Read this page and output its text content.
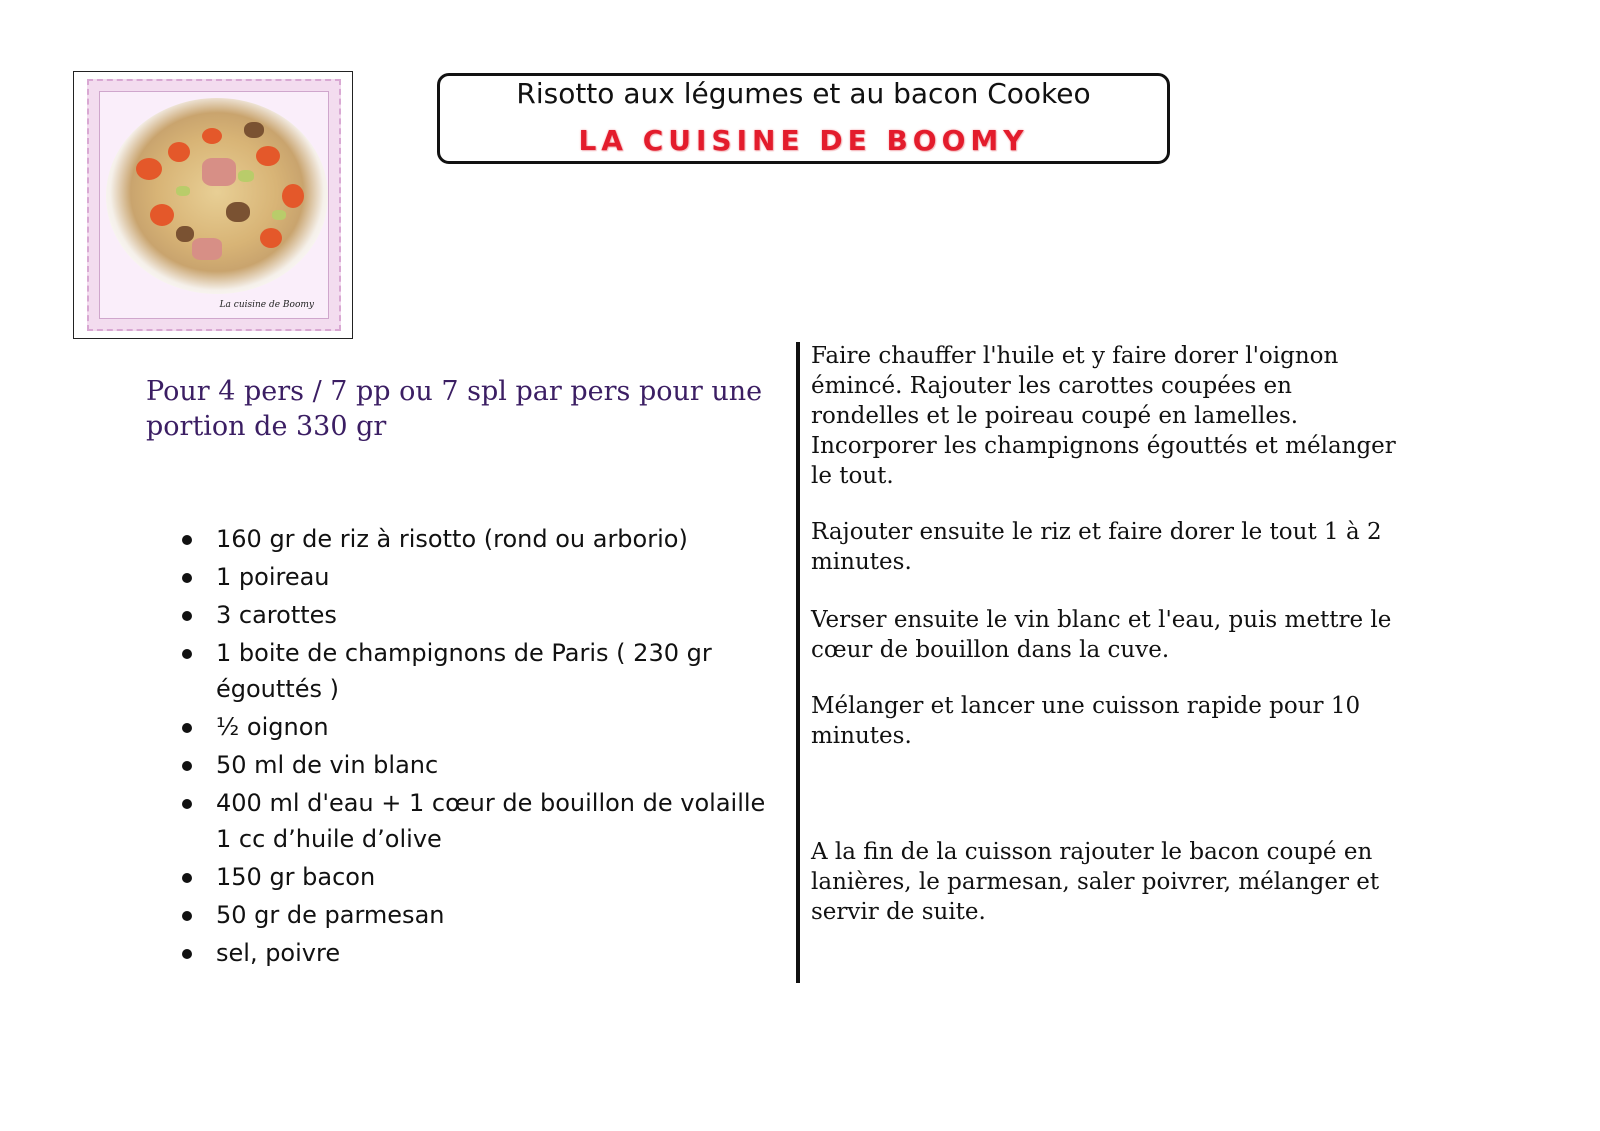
La cuisine de Boomy
Risotto aux légumes et au bacon Cookeo
LA CUISINE DE BOOMY
Pour 4 pers / 7 pp ou 7 spl par pers pour une portion de 330 gr
160 gr de riz à risotto (rond ou arborio)
1 poireau
3 carottes
1 boite de champignons de Paris ( 230 gr égouttés )
½ oignon
50 ml de vin blanc
400 ml d'eau + 1 cœur de bouillon de volaille 1 cc d’huile d’olive
150 gr bacon
50 gr de parmesan
sel, poivre

Faire chauffer l'huile et y faire dorer l'oignon émincé. Rajouter les carottes coupées en rondelles et le poireau coupé en lamelles. Incorporer les champignons égouttés et mélanger le tout.

Rajouter ensuite le riz et faire dorer le tout 1 à 2 minutes.

Verser ensuite le vin blanc et l'eau, puis mettre le cœur de bouillon dans la cuve.

Mélanger et lancer une cuisson rapide pour 10 minutes.

A la fin de la cuisson rajouter le bacon coupé en lanières, le parmesan, saler poivrer, mélanger et servir de suite.
